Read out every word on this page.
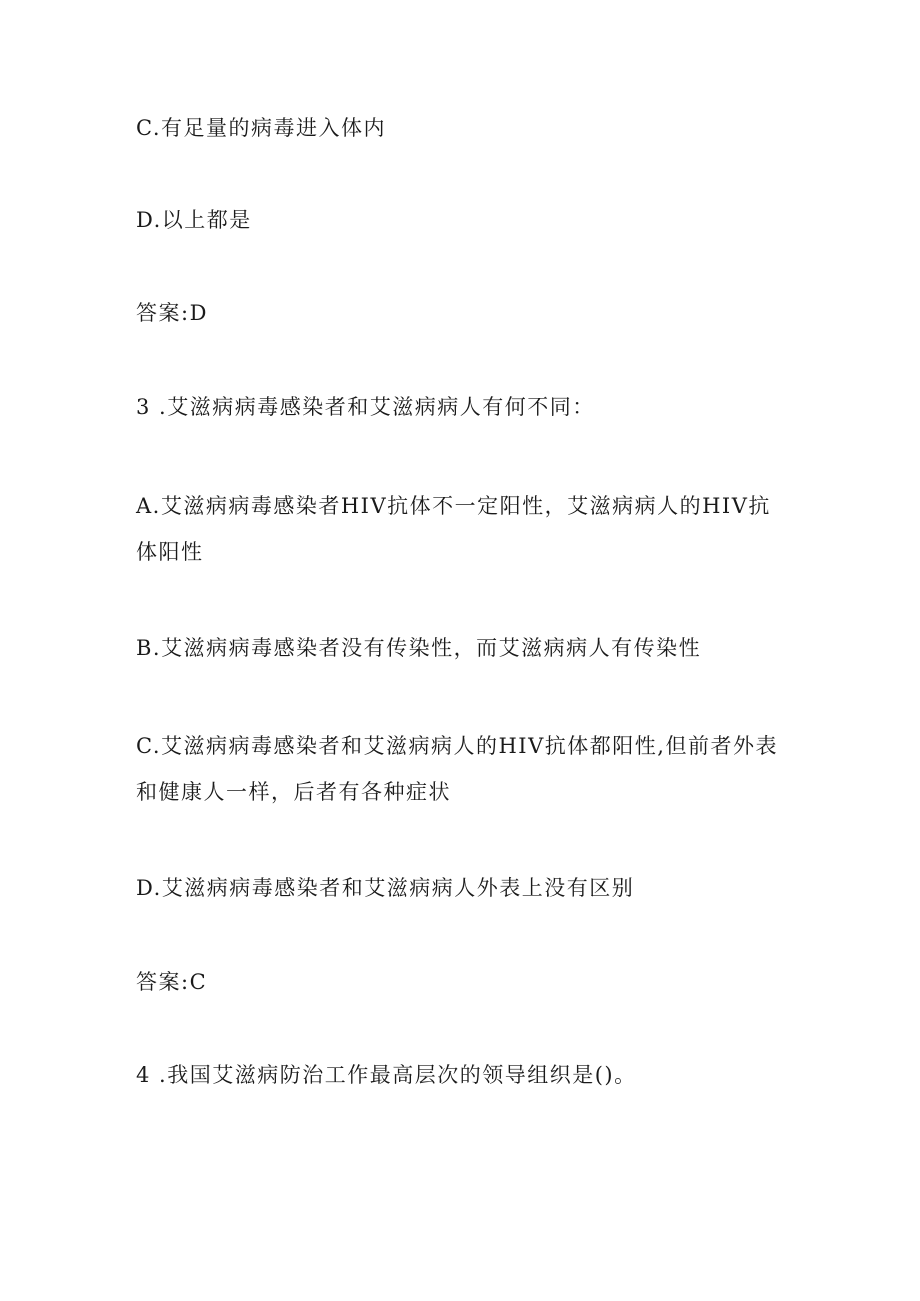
C.有足量的病毒进入体内
D.以上都是
答案:D
3 .艾滋病病毒感染者和艾滋病病人有何不同：
A.艾滋病病毒感染者HIV抗体不一定阳性，艾滋病病人的HIV抗体阳性
B.艾滋病病毒感染者没有传染性，而艾滋病病人有传染性
C.艾滋病病毒感染者和艾滋病病人的HIV抗体都阳性,但前者外表和健康人一样，后者有各种症状
D.艾滋病病毒感染者和艾滋病病人外表上没有区别
答案:C
4 .我国艾滋病防治工作最高层次的领导组织是()。
